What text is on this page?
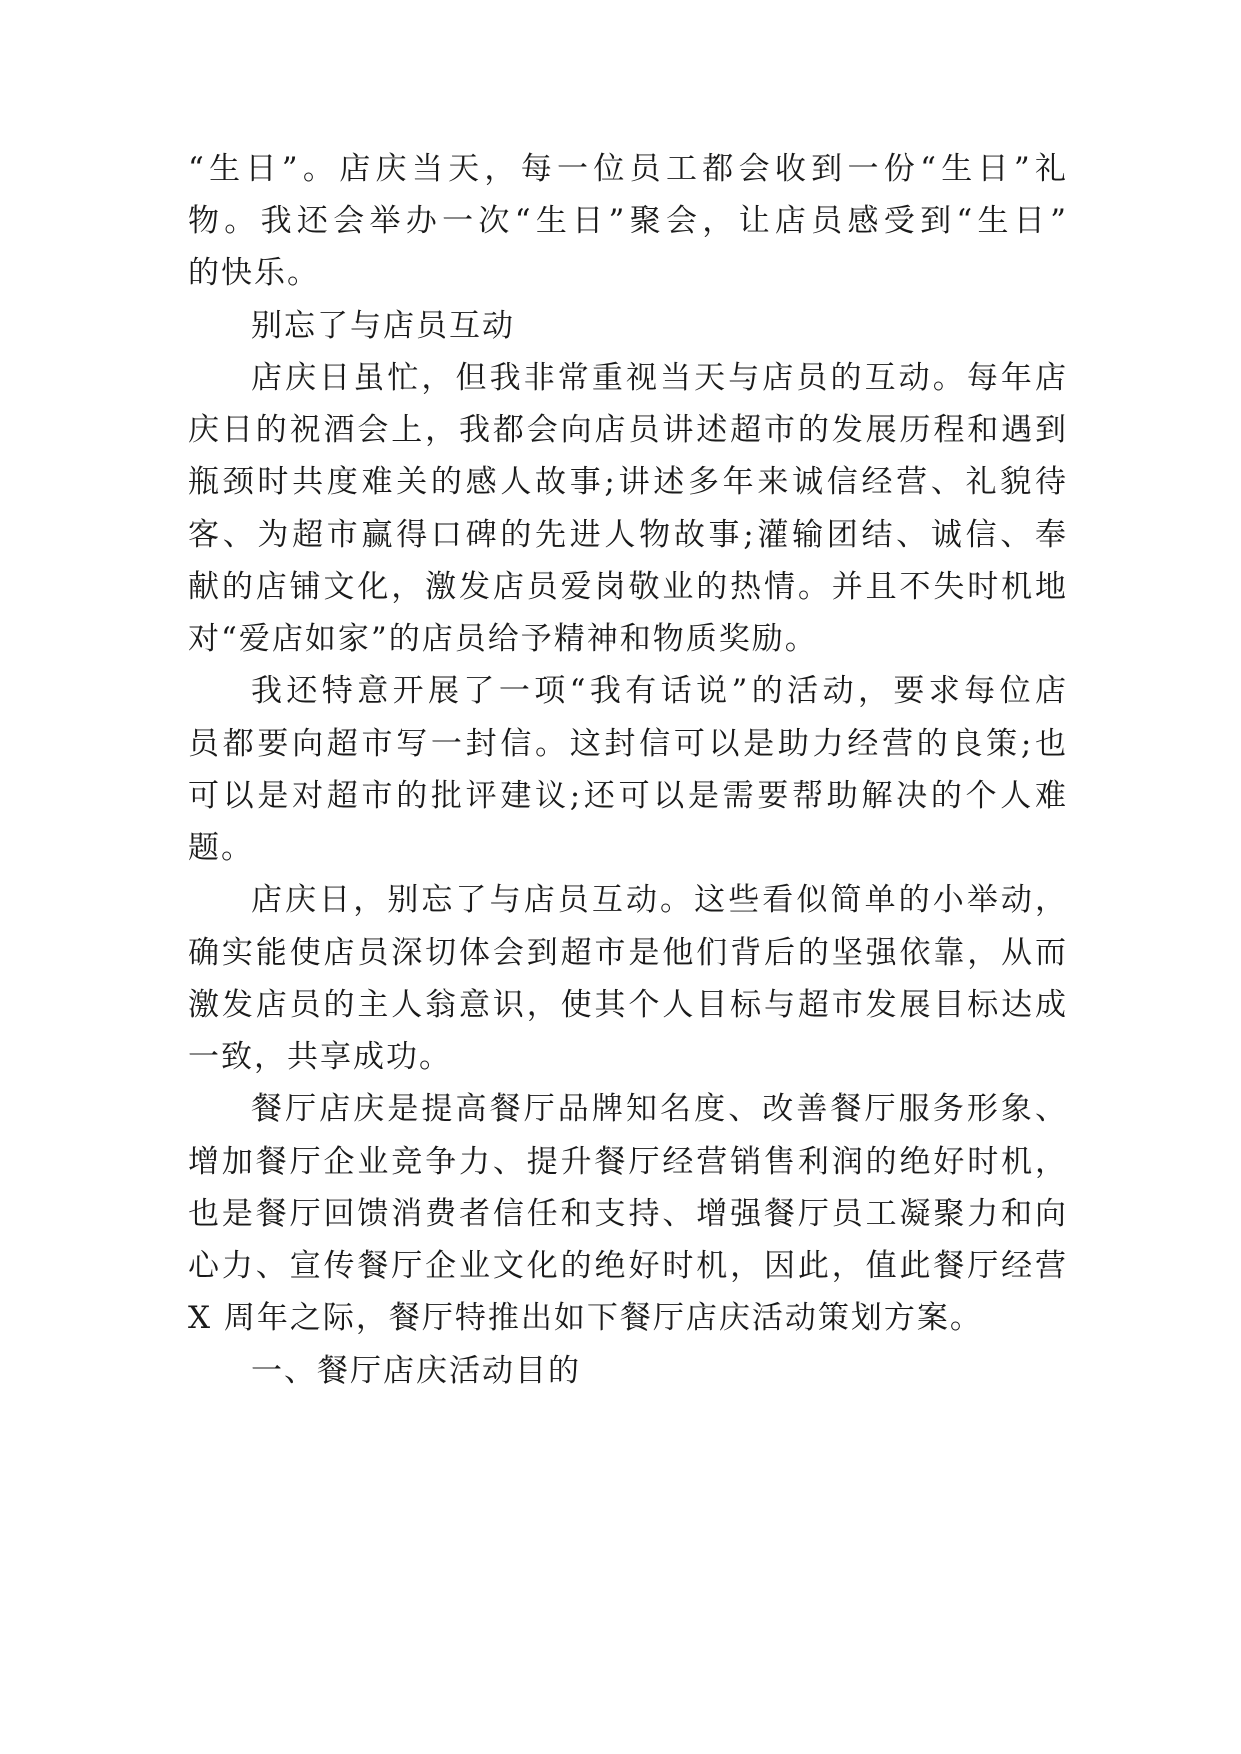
“生日”。店庆当天，每一位员工都会收到一份“生日”礼
物。我还会举办一次“生日”聚会，让店员感受到“生日”
的快乐。
别忘了与店员互动
店庆日虽忙，但我非常重视当天与店员的互动。每年店
庆日的祝酒会上，我都会向店员讲述超市的发展历程和遇到
瓶颈时共度难关的感人故事;讲述多年来诚信经营、礼貌待
客、为超市赢得口碑的先进人物故事;灌输团结、诚信、奉
献的店铺文化，激发店员爱岗敬业的热情。并且不失时机地
对“爱店如家”的店员给予精神和物质奖励。
我还特意开展了一项“我有话说”的活动，要求每位店
员都要向超市写一封信。这封信可以是助力经营的良策;也
可以是对超市的批评建议;还可以是需要帮助解决的个人难
题。
店庆日，别忘了与店员互动。这些看似简单的小举动，
确实能使店员深切体会到超市是他们背后的坚强依靠，从而
激发店员的主人翁意识，使其个人目标与超市发展目标达成
一致，共享成功。
餐厅店庆是提高餐厅品牌知名度、改善餐厅服务形象、
增加餐厅企业竞争力、提升餐厅经营销售利润的绝好时机，
也是餐厅回馈消费者信任和支持、增强餐厅员工凝聚力和向
心力、宣传餐厅企业文化的绝好时机，因此，值此餐厅经营
X 周年之际，餐厅特推出如下餐厅店庆活动策划方案。
一、餐厅店庆活动目的
